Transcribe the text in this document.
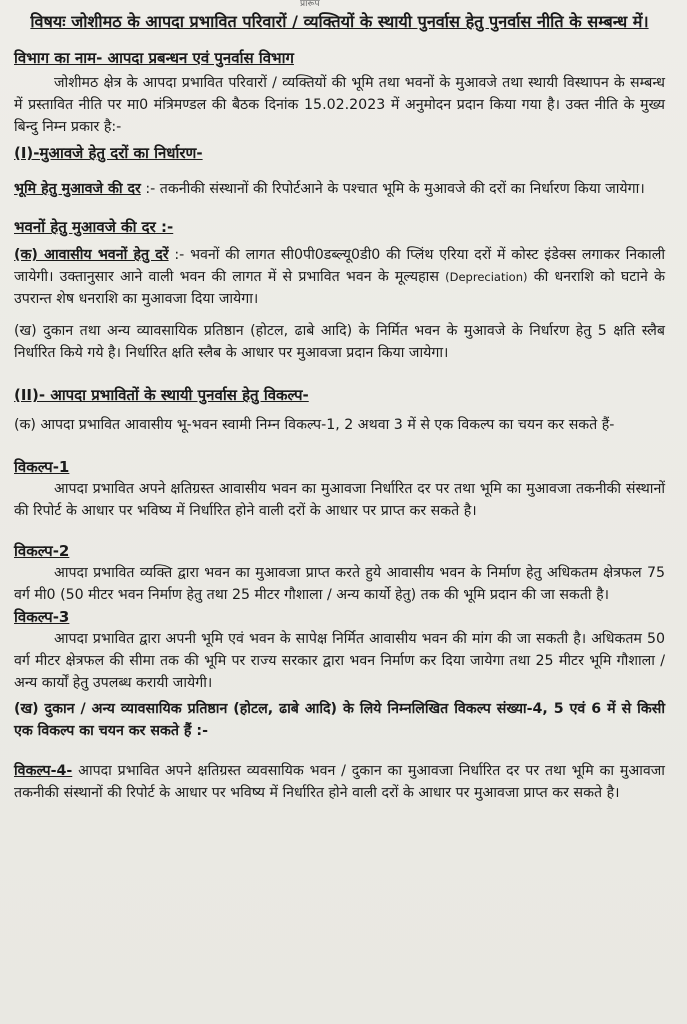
प्रारूप
विषयः जोशीमठ के आपदा प्रभावित परिवारों / व्यक्तियों के स्थायी पुनर्वास हेतु पुनर्वास नीति के सम्बन्ध में।
विभाग का नाम- आपदा प्रबन्धन एवं पुनर्वास विभाग

जोशीमठ क्षेत्र के आपदा प्रभावित परिवारों / व्यक्तियों की भूमि तथा भवनों के मुआवजे तथा स्थायी विस्थापन के सम्बन्ध में प्रस्तावित नीति पर मा0 मंत्रिमण्डल की बैठक दिनांक 15.02.2023 में अनुमोदन प्रदान किया गया है। उक्त नीति के मुख्य बिन्दु निम्न प्रकार है:-

(I)-मुआवजे हेतु दरों का निर्धारण-

भूमि हेतु मुआवजे की दर :- तकनीकी संस्थानों की रिपोर्टआने के पश्चात भूमि के मुआवजे की दरों का निर्धारण किया जायेगा।

भवनों हेतु मुआवजे की दर :-

(क) आवासीय भवनों हेतु दरें :- भवनों की लागत सी0पी0डब्ल्यू0डी0 की प्लिंथ एरिया दरों में कोस्ट इंडेक्स लगाकर निकाली जायेगी। उक्तानुसार आने वाली भवन की लागत में से प्रभावित भवन के मूल्यहास (Depreciation) की धनराशि को घटाने के उपरान्त शेष धनराशि का मुआवजा दिया जायेगा।

(ख) दुकान तथा अन्य व्यावसायिक प्रतिष्ठान (होटल, ढाबे आदि) के निर्मित भवन के मुआवजे के निर्धारण हेतु 5 क्षति स्लैब निर्धारित किये गये है। निर्धारित क्षति स्लैब के आधार पर मुआवजा प्रदान किया जायेगा।

(II)- आपदा प्रभावितों के स्थायी पुनर्वास हेतु विकल्प-

(क) आपदा प्रभावित आवासीय भू-भवन स्वामी निम्न विकल्प-1, 2 अथवा 3 में से एक विकल्प का चयन कर सकते हैं-

विकल्प-1

आपदा प्रभावित अपने क्षतिग्रस्त आवासीय भवन का मुआवजा निर्धारित दर पर तथा भूमि का मुआवजा तकनीकी संस्थानों की रिपोर्ट के आधार पर भविष्य में निर्धारित होने वाली दरों के आधार पर प्राप्त कर सकते है।

विकल्प-2

आपदा प्रभावित व्यक्ति द्वारा भवन का मुआवजा प्राप्त करते हुये आवासीय भवन के निर्माण हेतु अधिकतम क्षेत्रफल 75 वर्ग मी0 (50 मीटर भवन निर्माण हेतु तथा 25 मीटर गौशाला / अन्य कार्यो हेतु) तक की भूमि प्रदान की जा सकती है।

विकल्प-3

आपदा प्रभावित द्वारा अपनी भूमि एवं भवन के सापेक्ष निर्मित आवासीय भवन की मांग की जा सकती है। अधिकतम 50 वर्ग मीटर क्षेत्रफल की सीमा तक की भूमि पर राज्य सरकार द्वारा भवन निर्माण कर दिया जायेगा तथा 25 मीटर भूमि गौशाला / अन्य कार्यों हेतु उपलब्ध करायी जायेगी।

(ख) दुकान / अन्य व्यावसायिक प्रतिष्ठान (होटल, ढाबे आदि) के लिये निम्नलिखित विकल्प संख्या-4, 5 एवं 6 में से किसी एक विकल्प का चयन कर सकते हैं :-

विकल्प-4- आपदा प्रभावित अपने क्षतिग्रस्त व्यवसायिक भवन / दुकान का मुआवजा निर्धारित दर पर तथा भूमि का मुआवजा तकनीकी संस्थानों की रिपोर्ट के आधार पर भविष्य में निर्धारित होने वाली दरों के आधार पर मुआवजा प्राप्त कर सकते है।
